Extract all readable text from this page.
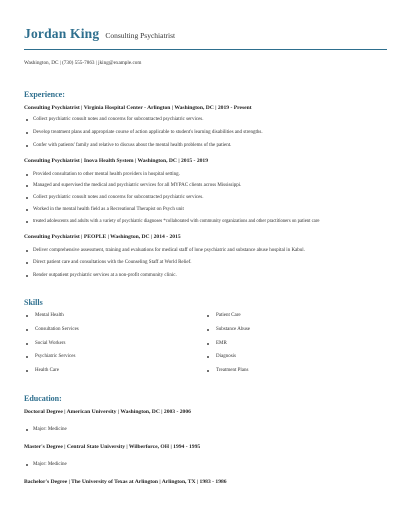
Jordan King Consulting Psychiatrist
Washington, DC | (730) 555-7863 | jking@example.com
Experience:
Consulting Psychiatrist | Virginia Hospital Center - Arlington | Washington, DC | 2019 - Present
Collect psychiatric consult notes and concerns for subcontracted psychiatric services.
Develop treatment plans and appropriate course of action applicable to student's learning disabilities and strengths.
Confer with patients' family and relative to discuss about the mental health problems of the patient.
Consulting Psychiatrist | Inova Health System | Washington, DC | 2015 - 2019
Provided consultation to other mental health providers in hospital setting.
Managed and supervised the medical and psychiatric services for all MYPAC clients across Mississippi.
Collect psychiatric consult notes and concerns for subcontracted psychiatric services.
Worked in the mental health field as a Recreational Therapist on Psych unit
treated adolescents and adults with a variety of psychiatric diagnoses *collaborated with community organizations and other practitioners on patient care
Consulting Psychiatrist | PEOPLE | Washington, DC | 2014 - 2015
Deliver comprehensive assessment, training and evaluations for medical staff of lone psychiatric and substance abuse hospital in Kabul.
Direct patient care and consultations with the Counseling Staff at World Relief.
Render outpatient psychiatric services at a non-profit community clinic.
Skills
Mental Health
Consultation Services
Social Workers
Psychiatric Services
Health Care
Patient Care
Substance Abuse
EMR
Diagnosis
Treatment Plans
Education:
Doctoral Degree | American University | Washington, DC | 2003 - 2006
Major: Medicine
Master's Degree | Central State University | Wilberforce, OH | 1994 - 1995
Major: Medicine
Bachelor's Degree | The University of Texas at Arlington | Arlington, TX | 1983 - 1986
